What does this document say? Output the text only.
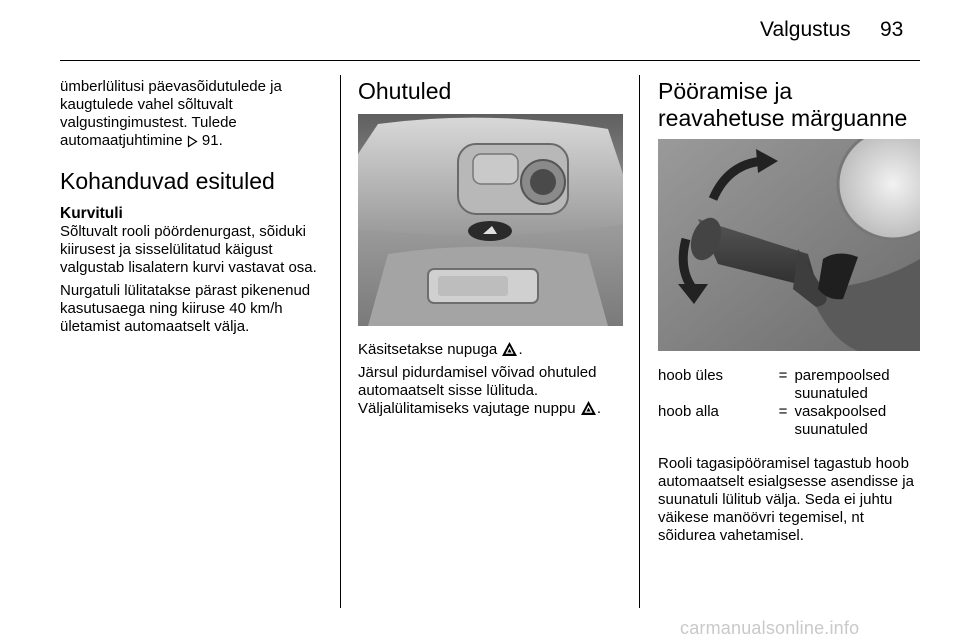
Valgustus 93

ümberlülitusi päevasõidutulede ja kaugtulede vahel sõltuvalt valgustingimustest. Tulede automaatjuhtimine 91.

Kohanduvad esituled
Kurvituli

Sõltuvalt rooli pöördenurgast, sõiduki kiirusest ja sisselülitatud käigust valgustab lisalatern kurvi vastavat osa.

Nurgatuli lülitatakse pärast pikenenud kasutusaega ning kiiruse 40 km/h ületamist automaatselt välja.

Ohutuled

Käsitsetakse nupuga .

Järsul pidurdamisel võivad ohutuled automaatselt sisse lülituda.

Väljalülitamiseks vajutage nuppu .

Pööramise ja reavahetuse märguanne
hoob üles	= parempoolsed suunatuled
hoob alla	= vasakpoolsed suunatuled

Rooli tagasipööramisel tagastub hoob automaatselt esialgsesse asendisse ja suunatuli lülitub välja. Seda ei juhtu väikese manöövri tegemisel, nt sõidurea vahetamisel.

carmanualsonline.info
